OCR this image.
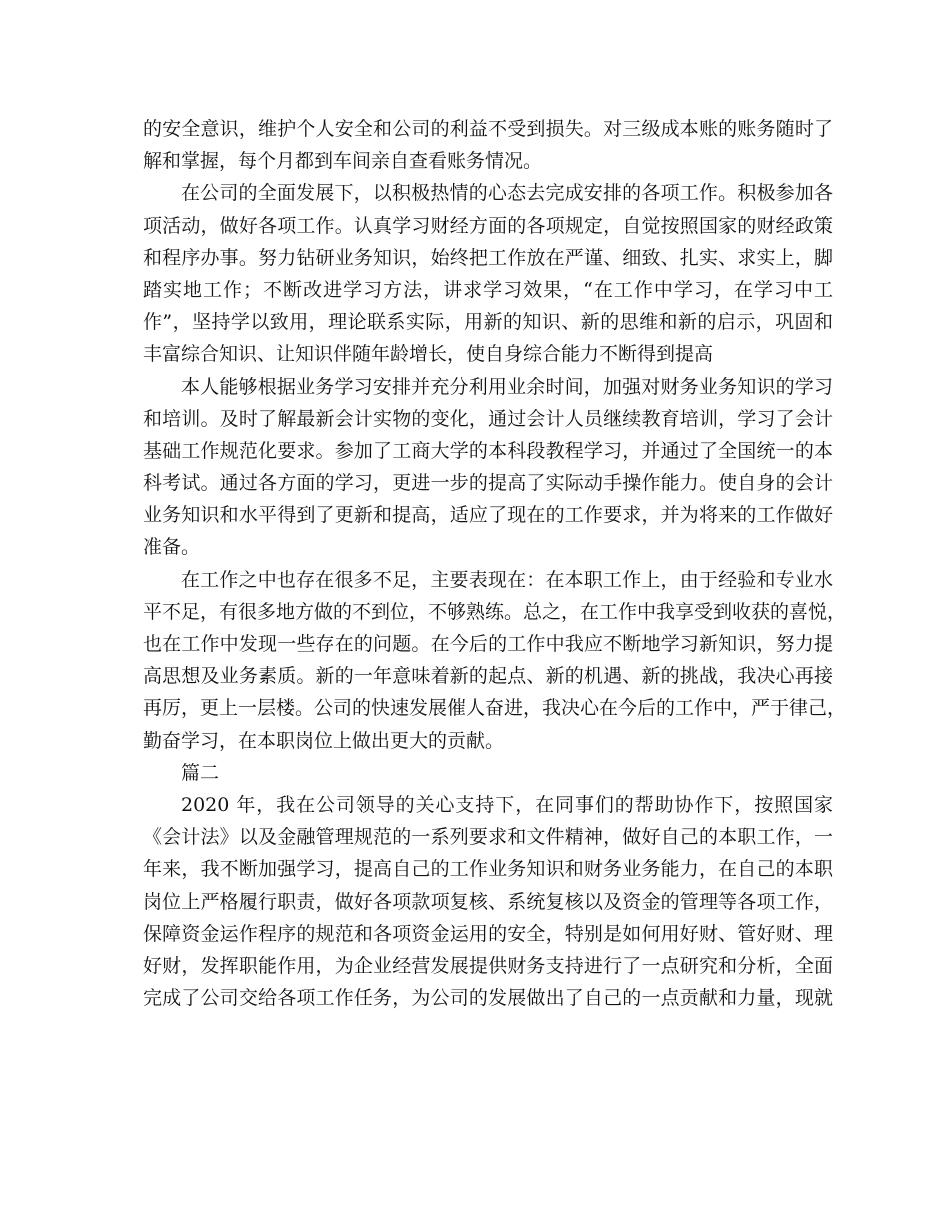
的安全意识，维护个人安全和公司的利益不受到损失。对三级成本账的账务随时了
解和掌握，每个月都到车间亲自查看账务情况。
在公司的全面发展下，以积极热情的心态去完成安排的各项工作。积极参加各
项活动，做好各项工作。认真学习财经方面的各项规定，自觉按照国家的财经政策
和程序办事。努力钻研业务知识，始终把工作放在严谨、细致、扎实、求实上，脚
踏实地工作；不断改进学习方法，讲求学习效果，“在工作中学习，在学习中工
作”，坚持学以致用，理论联系实际，用新的知识、新的思维和新的启示，巩固和
丰富综合知识、让知识伴随年龄增长，使自身综合能力不断得到提高
本人能够根据业务学习安排并充分利用业余时间，加强对财务业务知识的学习
和培训。及时了解最新会计实物的变化，通过会计人员继续教育培训，学习了会计
基础工作规范化要求。参加了工商大学的本科段教程学习，并通过了全国统一的本
科考试。通过各方面的学习，更进一步的提高了实际动手操作能力。使自身的会计
业务知识和水平得到了更新和提高，适应了现在的工作要求，并为将来的工作做好
准备。
在工作之中也存在很多不足，主要表现在：在本职工作上，由于经验和专业水
平不足，有很多地方做的不到位，不够熟练。总之，在工作中我享受到收获的喜悦，
也在工作中发现一些存在的问题。在今后的工作中我应不断地学习新知识，努力提
高思想及业务素质。新的一年意味着新的起点、新的机遇、新的挑战，我决心再接
再厉，更上一层楼。公司的快速发展催人奋进，我决心在今后的工作中，严于律己，
勤奋学习，在本职岗位上做出更大的贡献。
篇二
2020 年，我在公司领导的关心支持下，在同事们的帮助协作下，按照国家
《会计法》以及金融管理规范的一系列要求和文件精神，做好自己的本职工作，一
年来，我不断加强学习，提高自己的工作业务知识和财务业务能力，在自己的本职
岗位上严格履行职责，做好各项款项复核、系统复核以及资金的管理等各项工作，
保障资金运作程序的规范和各项资金运用的安全，特别是如何用好财、管好财、理
好财，发挥职能作用，为企业经营发展提供财务支持进行了一点研究和分析，全面
完成了公司交给各项工作任务，为公司的发展做出了自己的一点贡献和力量，现就
